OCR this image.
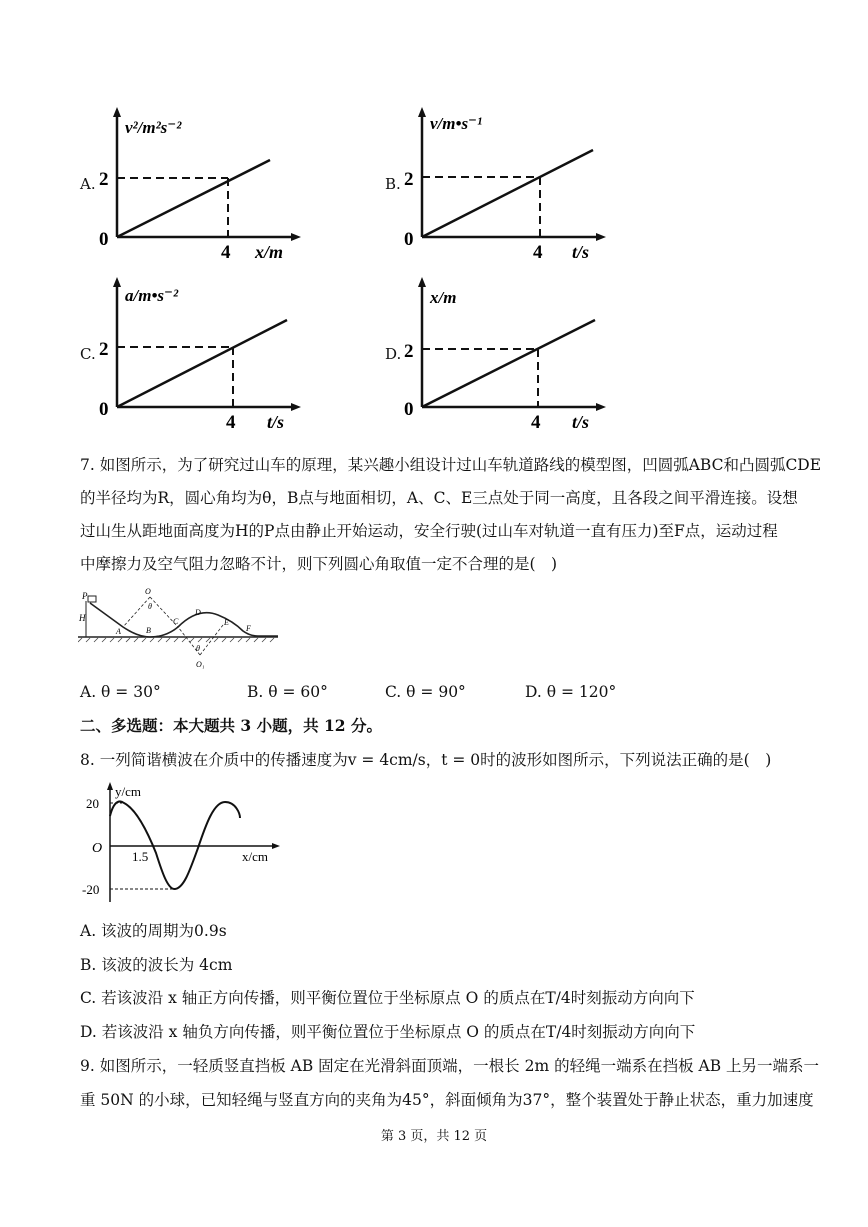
A.
v²/m²s⁻²
2
0
4 x/m
B.
v/m•s⁻¹
2
0
4 t/s
C.
a/m•s⁻²
2
0
4 t/s
D.
x/m
2
0
4 t/s
7. 如图所示，为了研究过山车的原理，某兴趣小组设计过山车轨道路线的模型图，凹圆弧ABC和凸圆弧CDE
的半径均为R，圆心角均为θ，B点与地面相切，A、C、E三点处于同一高度，且各段之间平滑连接。设想
过山生从距地面高度为H的P点由静止开始运动，安全行驶(过山车对轨道一直有压力)至F点，运动过程
中摩擦力及空气阻力忽略不计，则下列圆心角取值一定不合理的是(　)
P
H
A	B
C
D
E
F
O
θ
θ
O₁
A. θ = 30°	B. θ = 60°	C. θ = 90°	D. θ = 120°
二、多选题：本大题共 3 小题，共 12 分。
8. 一列简谐横波在介质中的传播速度为v = 4cm/s，t = 0时的波形如图所示，下列说法正确的是(　)
y/cm
20
-20
O
1.5	x/cm
A. 该波的周期为0.9s
B. 该波的波长为 4cm
C. 若该波沿 x 轴正方向传播，则平衡位置位于坐标原点 O 的质点在T/4时刻振动方向向下
D. 若该波沿 x 轴负方向传播，则平衡位置位于坐标原点 O 的质点在T/4时刻振动方向向下
9. 如图所示，一轻质竖直挡板 AB 固定在光滑斜面顶端，一根长 2m 的轻绳一端系在挡板 AB 上另一端系一
重 50N 的小球，已知轻绳与竖直方向的夹角为45°，斜面倾角为37°，整个装置处于静止状态，重力加速度
第 3 页，共 12 页
